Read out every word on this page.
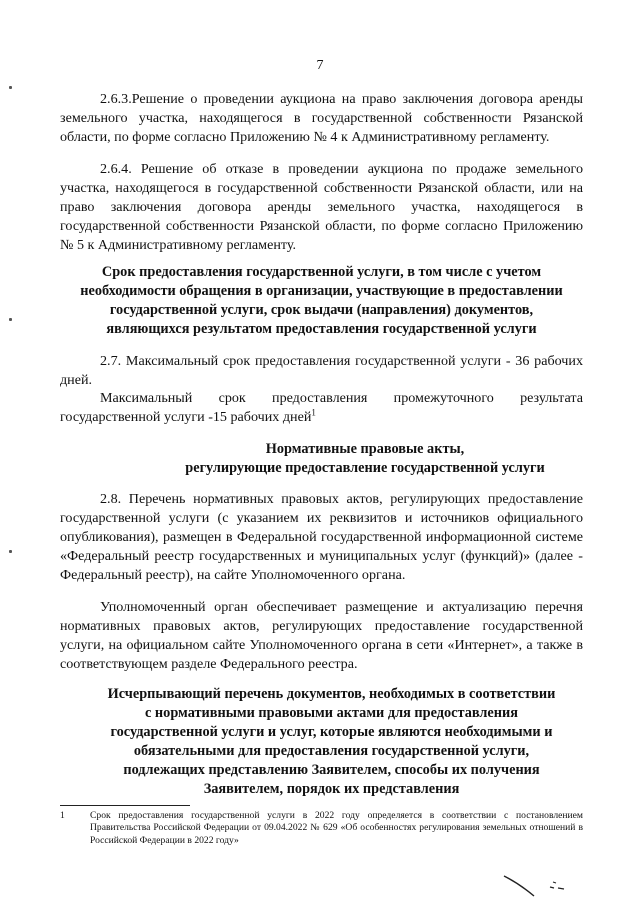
7

2.6.3.Решение о проведении аукциона на право заключения договора аренды земельного участка, находящегося в государственной собственности Рязанской области, по форме согласно Приложению № 4 к Административному регламенту.

2.6.4. Решение об отказе в проведении аукциона по продаже земельного участка, находящегося в государственной собственности Рязанской области, или на право заключения договора аренды земельного участка, находящегося в государственной собственности Рязанской области, по форме согласно Приложению № 5 к Административному регламенту.

Срок предоставления государственной услуги, в том числе с учетом
необходимости обращения в организации, участвующие в предоставлении
государственной услуги, срок выдачи (направления) документов,
являющихся результатом предоставления государственной услуги

2.7. Максимальный срок предоставления государственной услуги - 36 рабочих дней.

Максимальный срок предоставления промежуточного результата государственной услуги -15 рабочих дней$^1$

Нормативные правовые акты,
регулирующие предоставление государственной услуги

2.8. Перечень нормативных правовых актов, регулирующих предоставление государственной услуги (с указанием их реквизитов и источников официального опубликования), размещен в Федеральной государственной информационной системе «Федеральный реестр государственных и муниципальных услуг (функций)» (далее - Федеральный реестр), на сайте Уполномоченного органа.

Уполномоченный орган обеспечивает размещение и актуализацию перечня нормативных правовых актов, регулирующих предоставление государственной услуги, на официальном сайте Уполномоченного органа в сети «Интернет», а также в соответствующем разделе Федерального реестра.

Исчерпывающий перечень документов, необходимых в соответствии
с нормативными правовыми актами для предоставления
государственной услуги и услуг, которые являются необходимыми и
обязательными для предоставления государственной услуги,
подлежащих представлению Заявителем, способы их получения
Заявителем, порядок их представления
1	Срок предоставления государственной услуги в 2022 году определяется в соответствии с постановлением Правительства Российской Федерации от 09.04.2022 № 629 «Об особенностях регулирования земельных отношений в Российской Федерации в 2022 году»
